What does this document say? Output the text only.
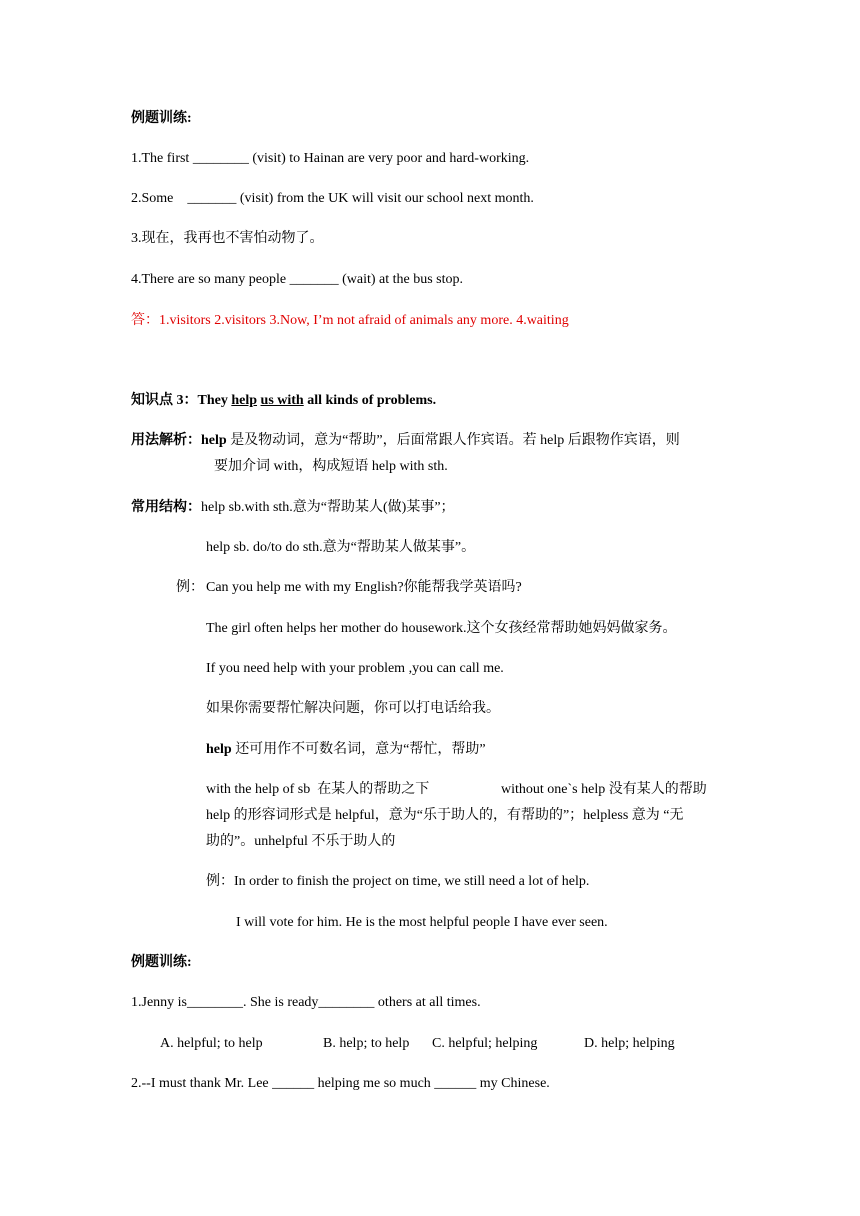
例题训练:
1.The first ________ (visit) to Hainan are very poor and hard-working.
2.Some    _______ (visit) from the UK will visit our school next month.
3.现在，我再也不害怕动物了。
4.There are so many people _______ (wait) at the bus stop.
答：1.visitors 2.visitors 3.Now, I’m not afraid of animals any more. 4.waiting
知识点 3：They help us with all kinds of problems.
用法解析：help 是及物动词，意为“帮助”，后面常跟人作宾语。若 help 后跟物作宾语，则
要加介词 with，构成短语 help with sth.
常用结构：help sb.with sth.意为“帮助某人(做)某事”；
help sb. do/to do sth.意为“帮助某人做某事”。
例： Can you help me with my English?你能帮我学英语吗?
The girl often helps her mother do housework.这个女孩经常帮助她妈妈做家务。
If you need help with your problem ,you can call me.
如果你需要帮忙解决问题，你可以打电话给我。
help 还可用作不可数名词，意为“帮忙，帮助”
with the help of sb  在某人的帮助之下	without one`s help 没有某人的帮助
help 的形容词形式是 helpful，意为“乐于助人的，有帮助的”；helpless 意为 “无
助的”。unhelpful 不乐于助人的
例：In order to finish the project on time, we still need a lot of help.
I will vote for him. He is the most helpful people I have ever seen.
例题训练:
1.Jenny is________. She is ready________ others at all times.
A. helpful; to help	B. help; to help C. helpful; helping	D. help; helping
2.--I must thank Mr. Lee ______ helping me so much ______ my Chinese.
